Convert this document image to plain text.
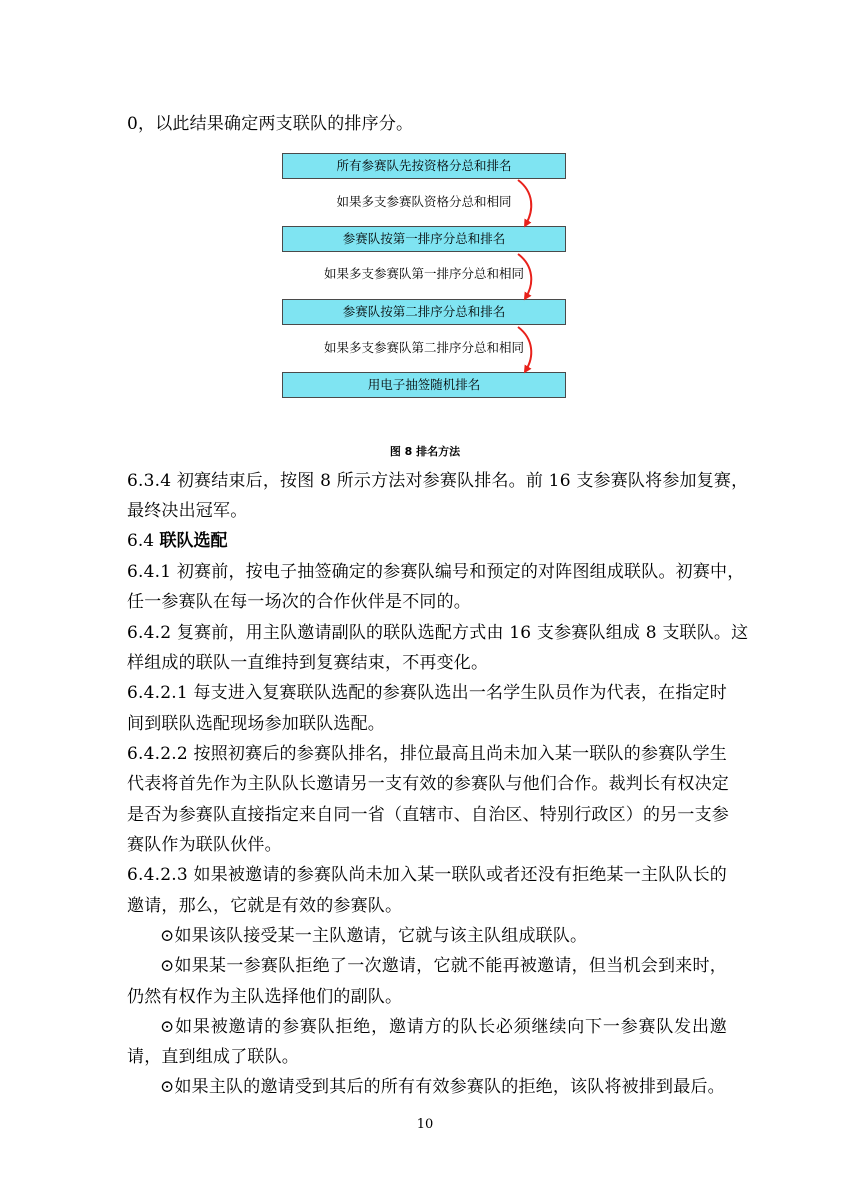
0，以此结果确定两支联队的排序分。
所有参赛队先按资格分总和排名
如果多支参赛队资格分总和相同
参赛队按第一排序分总和排名
如果多支参赛队第一排序分总和相同
参赛队按第二排序分总和排名
如果多支参赛队第二排序分总和相同
用电子抽签随机排名
图 8 排名方法
6.3.4 初赛结束后，按图 8 所示方法对参赛队排名。前 16 支参赛队将参加复赛，
最终决出冠军。
6.4 联队选配
6.4.1 初赛前，按电子抽签确定的参赛队编号和预定的对阵图组成联队。初赛中，
任一参赛队在每一场次的合作伙伴是不同的。
6.4.2 复赛前，用主队邀请副队的联队选配方式由 16 支参赛队组成 8 支联队。这
样组成的联队一直维持到复赛结束，不再变化。
6.4.2.1 每支进入复赛联队选配的参赛队选出一名学生队员作为代表，在指定时
间到联队选配现场参加联队选配。
6.4.2.2 按照初赛后的参赛队排名，排位最高且尚未加入某一联队的参赛队学生
代表将首先作为主队队长邀请另一支有效的参赛队与他们合作。裁判长有权决定
是否为参赛队直接指定来自同一省（直辖市、自治区、特别行政区）的另一支参
赛队作为联队伙伴。
6.4.2.3 如果被邀请的参赛队尚未加入某一联队或者还没有拒绝某一主队队长的
邀请，那么，它就是有效的参赛队。
⊙如果该队接受某一主队邀请，它就与该主队组成联队。
⊙如果某一参赛队拒绝了一次邀请，它就不能再被邀请，但当机会到来时，
仍然有权作为主队选择他们的副队。
⊙如果被邀请的参赛队拒绝，邀请方的队长必须继续向下一参赛队发出邀
请，直到组成了联队。
⊙如果主队的邀请受到其后的所有有效参赛队的拒绝，该队将被排到最后。
10
